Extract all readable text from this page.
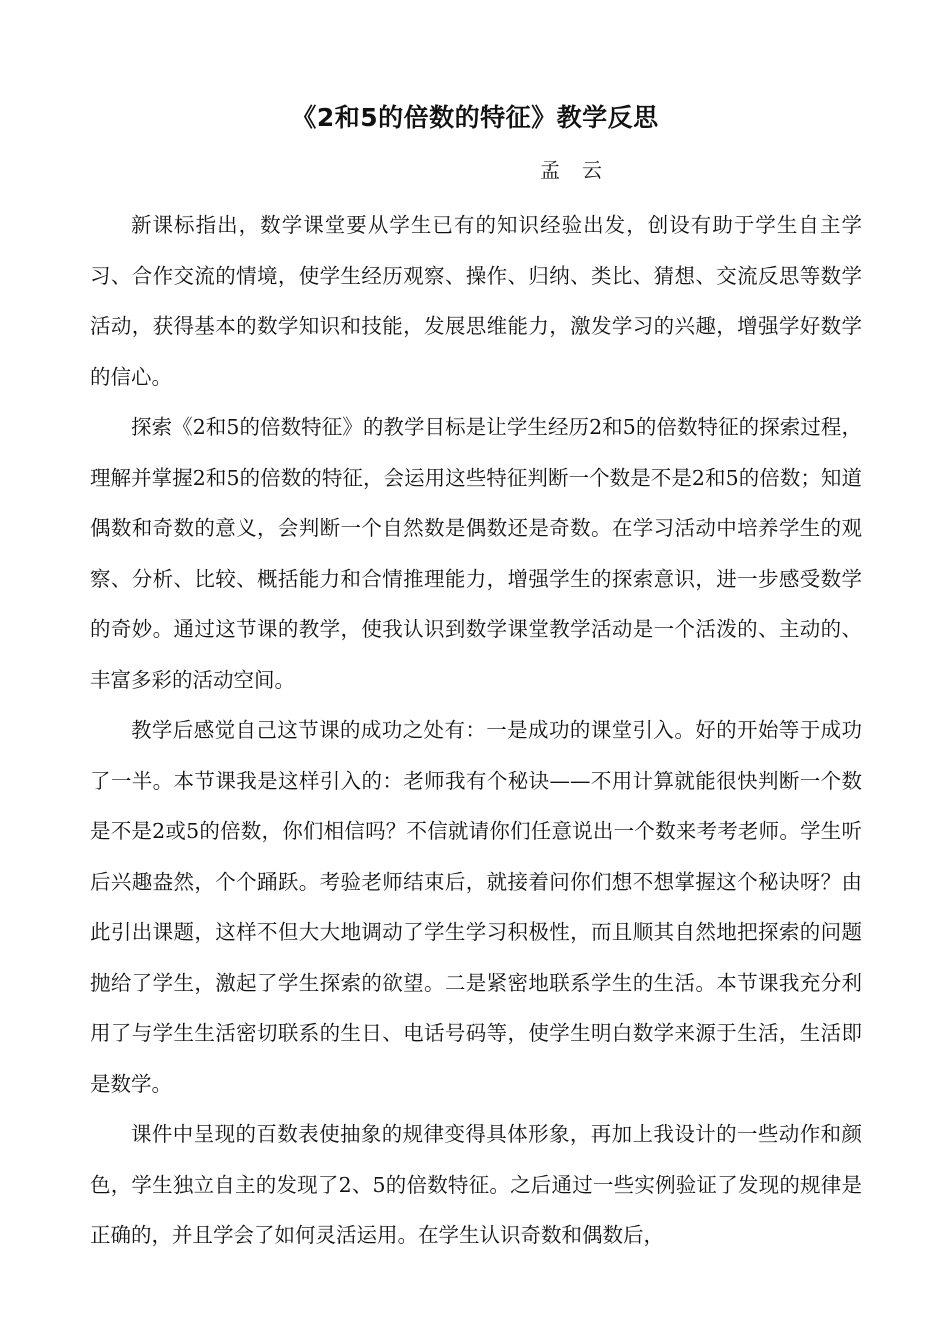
《2和5的倍数的特征》教学反思
孟云

新课标指出，数学课堂要从学生已有的知识经验出发，创设有助于学生自主学习、合作交流的情境，使学生经历观察、操作、归纳、类比、猜想、交流反思等数学活动，获得基本的数学知识和技能，发展思维能力，激发学习的兴趣，增强学好数学的信心。

探索《2和5的倍数特征》的教学目标是让学生经历2和5的倍数特征的探索过程，理解并掌握2和5的倍数的特征，会运用这些特征判断一个数是不是2和5的倍数；知道偶数和奇数的意义，会判断一个自然数是偶数还是奇数。在学习活动中培养学生的观察、分析、比较、概括能力和合情推理能力，增强学生的探索意识，进一步感受数学的奇妙。通过这节课的教学，使我认识到数学课堂教学活动是一个活泼的、主动的、丰富多彩的活动空间。

教学后感觉自己这节课的成功之处有：一是成功的课堂引入。好的开始等于成功了一半。本节课我是这样引入的：老师我有个秘诀——不用计算就能很快判断一个数是不是2或5的倍数，你们相信吗？不信就请你们任意说出一个数来考考老师。学生听后兴趣盎然，个个踊跃。考验老师结束后，就接着问你们想不想掌握这个秘诀呀？由此引出课题，这样不但大大地调动了学生学习积极性，而且顺其自然地把探索的问题抛给了学生，激起了学生探索的欲望。二是紧密地联系学生的生活。本节课我充分利用了与学生生活密切联系的生日、电话号码等，使学生明白数学来源于生活，生活即是数学。

课件中呈现的百数表使抽象的规律变得具体形象，再加上我设计的一些动作和颜色，学生独立自主的发现了2、5的倍数特征。之后通过一些实例验证了发现的规律是正确的，并且学会了如何灵活运用。在学生认识奇数和偶数后，
